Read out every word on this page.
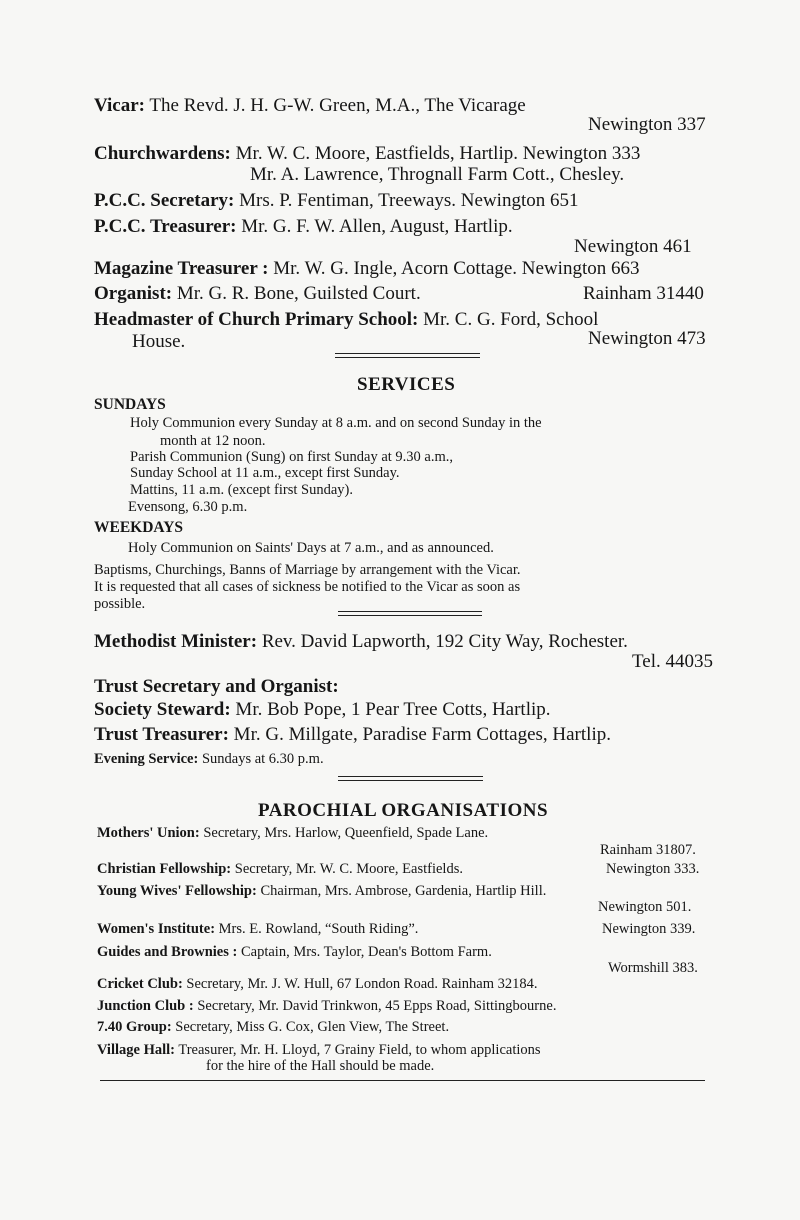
Vicar: The Revd. J. H. G-W. Green, M.A., The Vicarage
Newington 337
Churchwardens: Mr. W. C. Moore, Eastfields, Hartlip. Newington 333
Mr. A. Lawrence, Thrognall Farm Cott., Chesley.
P.C.C. Secretary: Mrs. P. Fentiman, Treeways. Newington 651
P.C.C. Treasurer: Mr. G. F. W. Allen, August, Hartlip.
Newington 461
Magazine Treasurer : Mr. W. G. Ingle, Acorn Cottage. Newington 663
Organist: Mr. G. R. Bone, Guilsted Court.	Rainham 31440
Headmaster of Church Primary School: Mr. C. G. Ford, School
House.	Newington 473
SERVICES
SUNDAYS
Holy Communion every Sunday at 8 a.m. and on second Sunday in the
month at 12 noon.
Parish Communion (Sung) on first Sunday at 9.30 a.m.,
Sunday School at 11 a.m., except first Sunday.
Mattins, 11 a.m. (except first Sunday).
Evensong, 6.30 p.m.
WEEKDAYS
Holy Communion on Saints' Days at 7 a.m., and as announced.
Baptisms, Churchings, Banns of Marriage by arrangement with the Vicar.
It is requested that all cases of sickness be notified to the Vicar as soon as
possible.
Methodist Minister: Rev. David Lapworth, 192 City Way, Rochester.
Tel. 44035
Trust Secretary and Organist:
Society Steward: Mr. Bob Pope, 1 Pear Tree Cotts, Hartlip.
Trust Treasurer: Mr. G. Millgate, Paradise Farm Cottages, Hartlip.
Evening Service: Sundays at 6.30 p.m.
PAROCHIAL ORGANISATIONS
Mothers' Union: Secretary, Mrs. Harlow, Queenfield, Spade Lane.
Rainham 31807.
Christian Fellowship: Secretary, Mr. W. C. Moore, Eastfields.	Newington 333.
Young Wives' Fellowship: Chairman, Mrs. Ambrose, Gardenia, Hartlip Hill.
Newington 501.
Women's Institute: Mrs. E. Rowland, “South Riding”.	Newington 339.
Guides and Brownies : Captain, Mrs. Taylor, Dean's Bottom Farm.
Wormshill 383.
Cricket Club: Secretary, Mr. J. W. Hull, 67 London Road. Rainham 32184.
Junction Club : Secretary, Mr. David Trinkwon, 45 Epps Road, Sittingbourne.
7.40 Group: Secretary, Miss G. Cox, Glen View, The Street.
Village Hall: Treasurer, Mr. H. Lloyd, 7 Grainy Field, to whom applications
for the hire of the Hall should be made.
